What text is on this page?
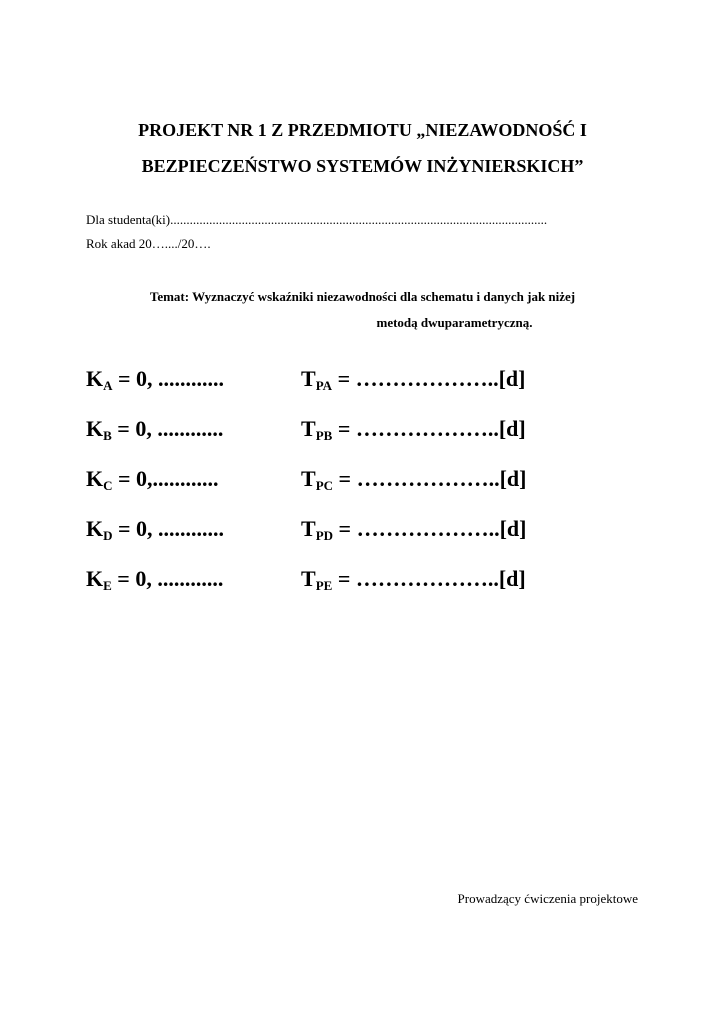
PROJEKT NR 1 Z PRZEDMIOTU „NIEZAWODNOŚĆ I
BEZPIECZEŃSTWO SYSTEMÓW INŻYNIERSKICH”
Dla studenta(ki)....................................................................................................................
Rok akad 20…..../20….
Temat: Wyznaczyć wskaźniki niezawodności dla schematu i danych jak niżej
metodą dwuparametryczną.
$K_A = 0$, ............	$T_{PA}$ = ………………..[d]
$K_B = 0$, ............	$T_{PB}$ = ………………..[d]
$K_C = 0$,............	$T_{PC}$ = ………………..[d]
$K_D = 0$, ............	$T_{PD}$ = ………………..[d]
$K_E = 0$, ............	$T_{PE}$ = ………………..[d]
Prowadzący ćwiczenia projektowe
